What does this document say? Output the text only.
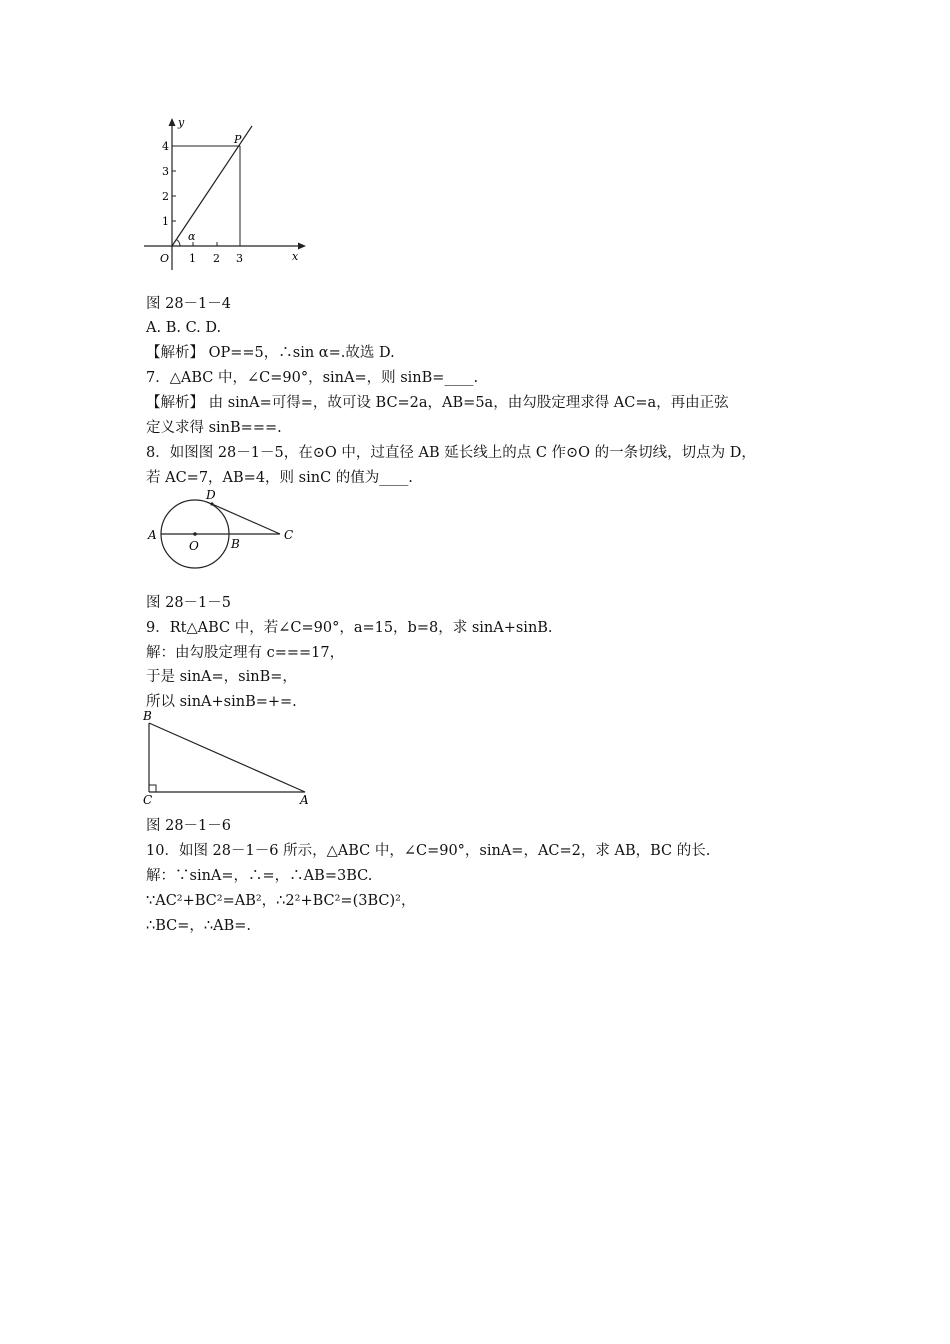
y
x
O
P
α
4
3
2
1
1 2 3
图 28－1－4
A. B. C. D.
【解析】 OP==5，∴sin α=.故选 D.
7．△ABC 中，∠C=90°，sinA=，则 sinB=____.
【解析】 由 sinA=可得=，故可设 BC=2a，AB=5a，由勾股定理求得 AC=a，再由正弦
定义求得 sinB===.
8．如图图 28－1－5，在⊙O 中，过直径 AB 延长线上的点 C 作⊙O 的一条切线，切点为 D，
若 AC=7，AB=4，则 sinC 的值为____.
A
O	B
C
D
图 28－1－5
9．Rt△ABC 中，若∠C=90°，a=15，b=8，求 sinA+sinB.
解：由勾股定理有 c===17，
于是 sinA=，sinB=，
所以 sinA+sinB=+=.
B
C	A
图 28－1－6
10．如图 28－1－6 所示，△ABC 中，∠C=90°，sinA=，AC=2，求 AB，BC 的长.
解：∵sinA=，∴=，∴AB=3BC.
∵AC²+BC²=AB²，∴2²+BC²=(3BC)²，
∴BC=，∴AB=.
